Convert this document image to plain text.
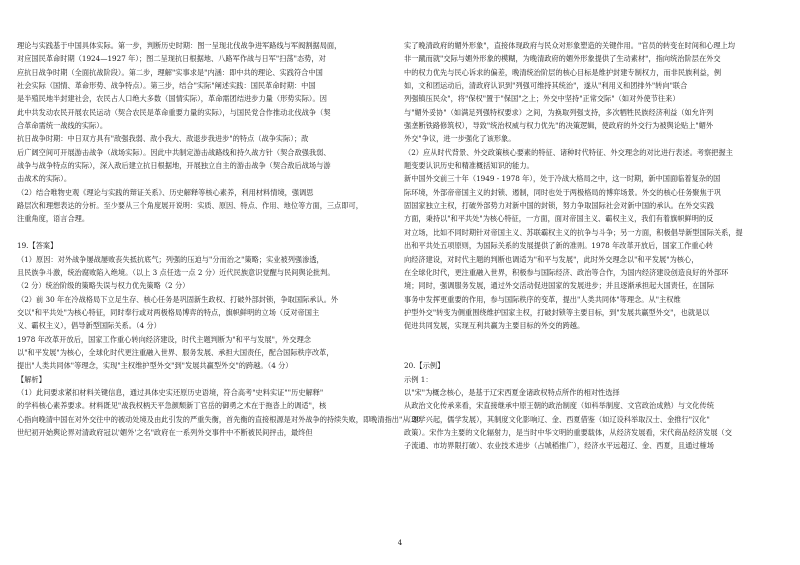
理论与实践基于中国具体实际。第一步，判断历史时期：图一呈现北伐战争进军路线与军阀割据局面，

对应国民革命时期（1924—1927 年）；图二呈现抗日根据地、八路军作战与日军"扫荡"态势，对

应抗日战争时期（全面抗战阶段）。第二步，理解"实事求是"内涵：即中共的理论、实践符合中国

社会实际（国情、革命形势、战争特点）。第三步，结合"实际"阐述实践：国民革命时期：中国

是半殖民地半封建社会，农民占人口绝大多数（国情实际），革命需团结进步力量（形势实际）。因

此中共发动农民开展农民运动（契合农民是革命重要力量的实际），与国民党合作推动北伐战争（契

合革命需统一战线的实际）。

抗日战争时期：中日双方具有"敌强我弱、敌小我大、敌退步我进步"的特点（战争实际）；敌

后广阔空间可开展游击战争（战场实际）。因此中共制定游击战路线和持久战方针（契合敌强我弱、

战争与战争特点的实际），深入敌后建立抗日根据地，开展独立自主的游击战争（契合敌后战场与游

击战术的实际）。

（2）结合唯物史观《理论与实践的辩证关系》、历史解释等核心素养，利用材料情境，强调思

路层次和理想表达的分析。至少要从三个角度展开说明：实质、原因、特点、作用、地位等方面，三点即可，

注重角度，语言合理。

19.【答案】

（1）原因：对外战争屡战屡败丧失抵抗底气；列强的压迫与"分而治之"策略；实业被列强渗透，

且民族争斗激，统治腐败陷入绝境。（以上 3 点任选一点 2 分）近代民族意识觉醒与民间舆论批判。

（2 分）统治阶级的策略失误与权力优先策略（2 分）

（2）前 30 年在冷战格局下立足生存、核心任务是巩固新生政权、打破外部封锁，争取国际承认。外

交以"和平共处"为核心特征，同时奉行或对两极格局博弈的特点，旗帜鲜明的立场（反对帝国主

义、霸权主义），倡导新型国际关系。（4 分）

1978 年改革开放后，国家工作重心转向经济建设，时代主题判断为"和平与发展"，外交理念

以"和平发展"为核心，全球化时代更注重融入世界、服务发展、承担大国责任，配合国际秩序改革，

提出"人类共同体"等理念，实现"主权维护型外交"到"发展共赢型外交"的跨越。（4 分）

【解析】

（1）此问要求紧扣材料关键信息，通过具体史实还原历史语境，符合高考"史料实证""历史解释"

的学科核心素养要求。材料既见"战我权柄天平急颜颓新丁官岳的御勇之术在于拖沓上的调适"，核

心指向晚清中国在对外交往中的被动处境及由此引发的严重失衡，首先衡的直接根源是对外战争的持续失败，即晚清指出"从 20

世纪初开始舆论界对清政府冠以'媚外'之名"政府在一系列外交事件中不断被民间抨击，最终但

实了晚清政府的媚外形象"，直接体现政府与民众对形象塑造的关键作用。"官员的转变在时间和心理上均

非一蹴而就"交际与媚外形象的模糊，为晚清政府的媚外形象提供了生动素材"，指向统治阶层在外交

中的权力优先与民心诉求的偏差，晚清统治阶层的核心目标是维护封建专制权力，而非民族利益，例

如，文和团运动后，清政府认识到"列强可维持其统治"，遂从"利用义和团排外"转向"联合

列强镇压民众"，将"保权"置于"保国"之上；外交中坚持"正常交际"（如对外使节往来）

与"媚外妥协"（如满足列强特权要求）之间，为换取列强支持，多次牺牲民族经济利益（如允许列

强垄断铁路修筑权），导致"统治权威与权力优先"的决策逻辑，使政府的外交行为被舆论贴上"媚外

外交"争议，进一步强化了该形象。

（2）应从时代背景、外交政策核心要素的特征、诸种时代特征、外交理念的对比进行表述。考察把握主

题变要认识历史和精准概括知识的能力。

新中国外交前三十年（1949 - 1978 年），处于冷战大格局之中，这一时期，新中国面临着复杂的国

际环境，外部帝帝国主义的封锁、遏制，同时也处于两极格局的博弈场景。外交的核心任务聚焦于巩

固国家独立主权，打破外部势力对新中国的封锁，努力争取国际社会对新中国的承认。在外交实践

方面，秉持以"和平共处"为核心特征，一方面，面对帝国主义、霸权主义，我们有着旗帜鲜明的反

对立场，比如不同时期针对帝国主义、苏联霸权主义的抗争与斗争；另一方面，积极倡导新型国际关系，提

出和平共处五项原则，为国际关系的发展提供了新的准则。1978 年改革开放后，国家工作重心转

向经济建设，对时代主题的判断也调适为"和平与发展"，此时外交理念以"和平发展"为核心，

在全球化时代，更注重融入世界，积极参与国际经济、政治等合作，为国内经济建设创造良好的外部环

境；同时，强调服务发展，通过外交活动促进国家的发展进步；并且逐渐承担起大国责任，在国际

事务中发挥更重要的作用，参与国际秩序的变革，提出"人类共同体"等理念。从"主权维

护型外交"转变为侧重围绕维护国家主权，打破封锁等主要目标，到"发展共赢型外交"，也就是以

促进共同发展，实现互利共赢为主要目标的外交的跨越。

20.【示例】

示例 1：

以"宋"为概念核心，是基于辽宋西夏金诸政权特点所作的相对性选择

从政治文化传承来看，宋直接继承中原王朝的政治制度（如科举制度、文官政治成熟）与文化传统

（理学兴起，儒学发展），其制度文化影响辽、金、西夏借鉴（如辽设科举取汉士、金推行"汉化"

政策）。宋作为主要的文化辐射力，是当时中华文明的重要载体，从经济发展看，宋代商品经济发展（交

子流通、市坊界限打破）、农业技术进步（占城稻推广），经济水平远超辽、金、西夏，且通过榷场

4
